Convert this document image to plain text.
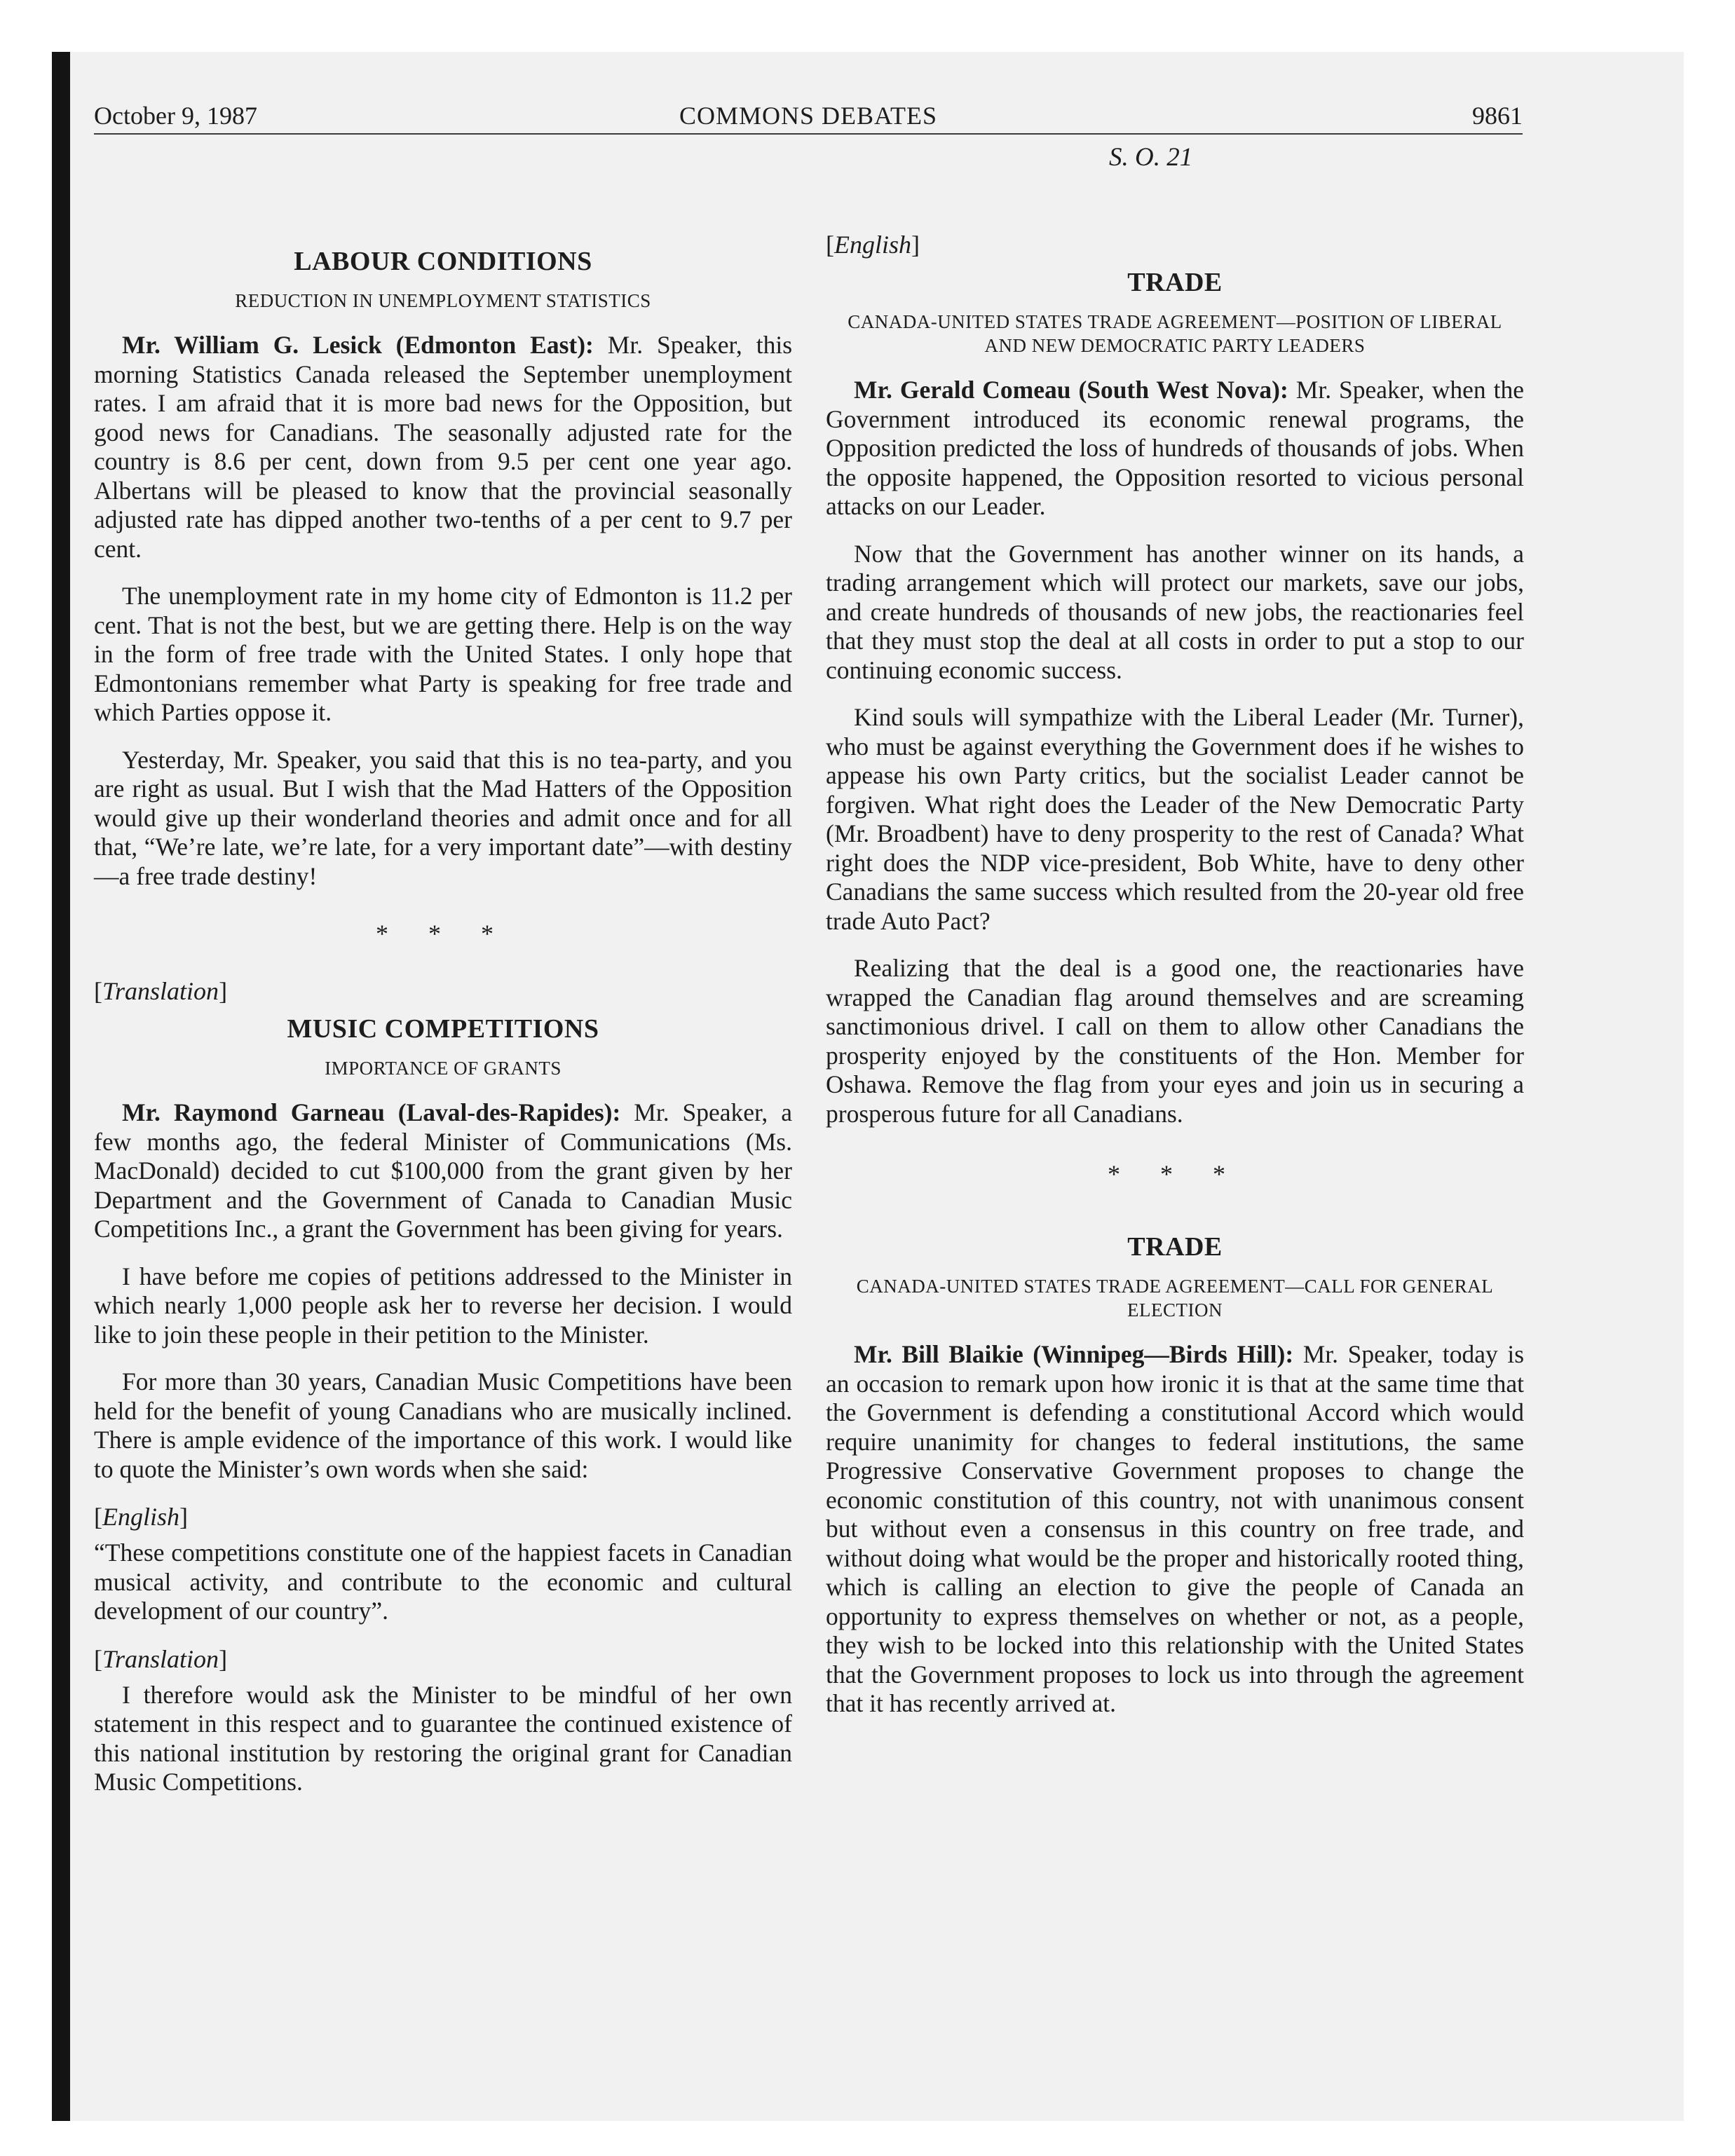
October 9, 1987	COMMONS DEBATES	9861
S. O. 21
LABOUR CONDITIONS
REDUCTION IN UNEMPLOYMENT STATISTICS

Mr. William G. Lesick (Edmonton East): Mr. Speaker, this morning Statistics Canada released the September unemployment rates. I am afraid that it is more bad news for the Opposition, but good news for Canadians. The seasonally adjusted rate for the country is 8.6 per cent, down from 9.5 per cent one year ago. Albertans will be pleased to know that the provincial seasonally adjusted rate has dipped another two-tenths of a per cent to 9.7 per cent.

The unemployment rate in my home city of Edmonton is 11.2 per cent. That is not the best, but we are getting there. Help is on the way in the form of free trade with the United States. I only hope that Edmontonians remember what Party is speaking for free trade and which Parties oppose it.

Yesterday, Mr. Speaker, you said that this is no tea-party, and you are right as usual. But I wish that the Mad Hatters of the Opposition would give up their wonderland theories and admit once and for all that, “We’re late, we’re late, for a very important date”—with destiny—a free trade destiny!

* * *

[Translation]

MUSIC COMPETITIONS
IMPORTANCE OF GRANTS

Mr. Raymond Garneau (Laval-des-Rapides): Mr. Speaker, a few months ago, the federal Minister of Communications (Ms. MacDonald) decided to cut $100,000 from the grant given by her Department and the Government of Canada to Canadian Music Competitions Inc., a grant the Government has been giving for years.

I have before me copies of petitions addressed to the Minister in which nearly 1,000 people ask her to reverse her decision. I would like to join these people in their petition to the Minister.

For more than 30 years, Canadian Music Competitions have been held for the benefit of young Canadians who are musically inclined. There is ample evidence of the importance of this work. I would like to quote the Minister’s own words when she said:

[English]

“These competitions constitute one of the happiest facets in Canadian musical activity, and contribute to the economic and cultural development of our country”.

[Translation]

I therefore would ask the Minister to be mindful of her own statement in this respect and to guarantee the continued existence of this national institution by restoring the original grant for Canadian Music Competitions.

[English]

TRADE
CANADA-UNITED STATES TRADE AGREEMENT—POSITION OF LIBERAL AND NEW DEMOCRATIC PARTY LEADERS

Mr. Gerald Comeau (South West Nova): Mr. Speaker, when the Government introduced its economic renewal programs, the Opposition predicted the loss of hundreds of thousands of jobs. When the opposite happened, the Opposition resorted to vicious personal attacks on our Leader.

Now that the Government has another winner on its hands, a trading arrangement which will protect our markets, save our jobs, and create hundreds of thousands of new jobs, the reactionaries feel that they must stop the deal at all costs in order to put a stop to our continuing economic success.

Kind souls will sympathize with the Liberal Leader (Mr. Turner), who must be against everything the Government does if he wishes to appease his own Party critics, but the socialist Leader cannot be forgiven. What right does the Leader of the New Democratic Party (Mr. Broadbent) have to deny prosperity to the rest of Canada? What right does the NDP vice-president, Bob White, have to deny other Canadians the same success which resulted from the 20-year old free trade Auto Pact?

Realizing that the deal is a good one, the reactionaries have wrapped the Canadian flag around themselves and are screaming sanctimonious drivel. I call on them to allow other Canadians the prosperity enjoyed by the constituents of the Hon. Member for Oshawa. Remove the flag from your eyes and join us in securing a prosperous future for all Canadians.

* * *
TRADE
CANADA-UNITED STATES TRADE AGREEMENT—CALL FOR GENERAL ELECTION

Mr. Bill Blaikie (Winnipeg—Birds Hill): Mr. Speaker, today is an occasion to remark upon how ironic it is that at the same time that the Government is defending a constitutional Accord which would require unanimity for changes to federal institutions, the same Progressive Conservative Government proposes to change the economic constitution of this country, not with unanimous consent but without even a consensus in this country on free trade, and without doing what would be the proper and historically rooted thing, which is calling an election to give the people of Canada an opportunity to express themselves on whether or not, as a people, they wish to be locked into this relationship with the United States that the Government proposes to lock us into through the agreement that it has recently arrived at.
